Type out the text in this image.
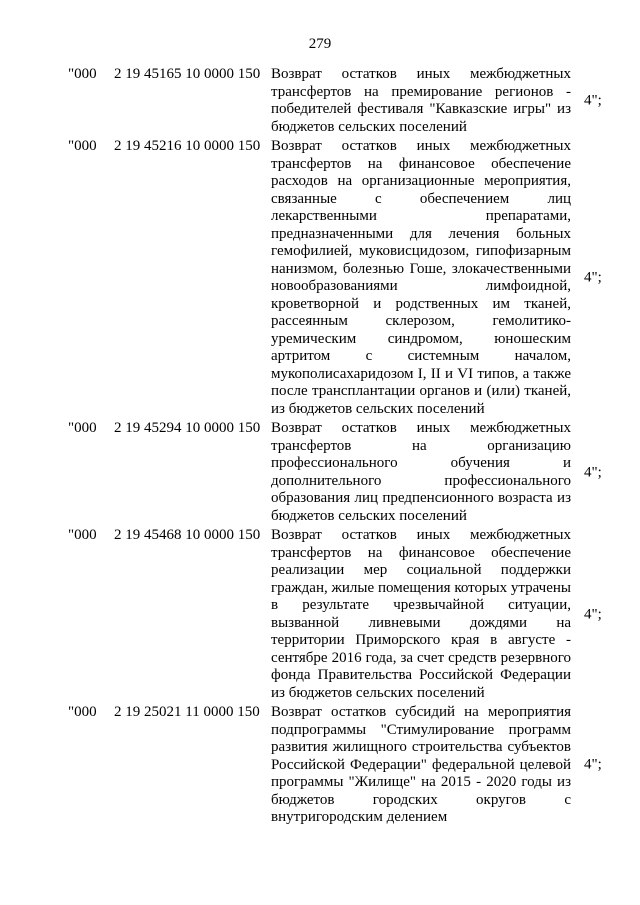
279
"000 2 19 45165 10 0000 150 Возврат остатков иных межбюджетных трансфертов на премирование регионов - победителей фестиваля "Кавказские игры" из бюджетов сельских поселений
4";
"000 2 19 45216 10 0000 150 Возврат остатков иных межбюджетных трансфертов на финансовое обеспечение расходов на организационные мероприятия, связанные с обеспечением лиц лекарственными препаратами, предназначенными для лечения больных гемофилией, муковисцидозом, гипофизарным нанизмом, болезнью Гоше, злокачественными новообразованиями лимфоидной, кроветворной и родственных им тканей, рассеянным склерозом, гемолитико-уремическим синдромом, юношеским артритом с системным началом, мукополисахаридозом I, II и VI типов, а также после трансплантации органов и (или) тканей, из бюджетов сельских поселений
4";
"000 2 19 45294 10 0000 150 Возврат остатков иных межбюджетных трансфертов на организацию профессионального обучения и дополнительного профессионального образования лиц предпенсионного возраста из бюджетов сельских поселений
4";
"000 2 19 45468 10 0000 150 Возврат остатков иных межбюджетных трансфертов на финансовое обеспечение реализации мер социальной поддержки граждан, жилые помещения которых утрачены в результате чрезвычайной ситуации, вызванной ливневыми дождями на территории Приморского края в августе - сентябре 2016 года, за счет средств резервного фонда Правительства Российской Федерации из бюджетов сельских поселений
4";
"000 2 19 25021 11 0000 150 Возврат остатков субсидий на мероприятия подпрограммы "Стимулирование программ развития жилищного строительства субъектов Российской Федерации" федеральной целевой программы "Жилище" на 2015 - 2020 годы из бюджетов городских округов с внутригородским делением
4";
